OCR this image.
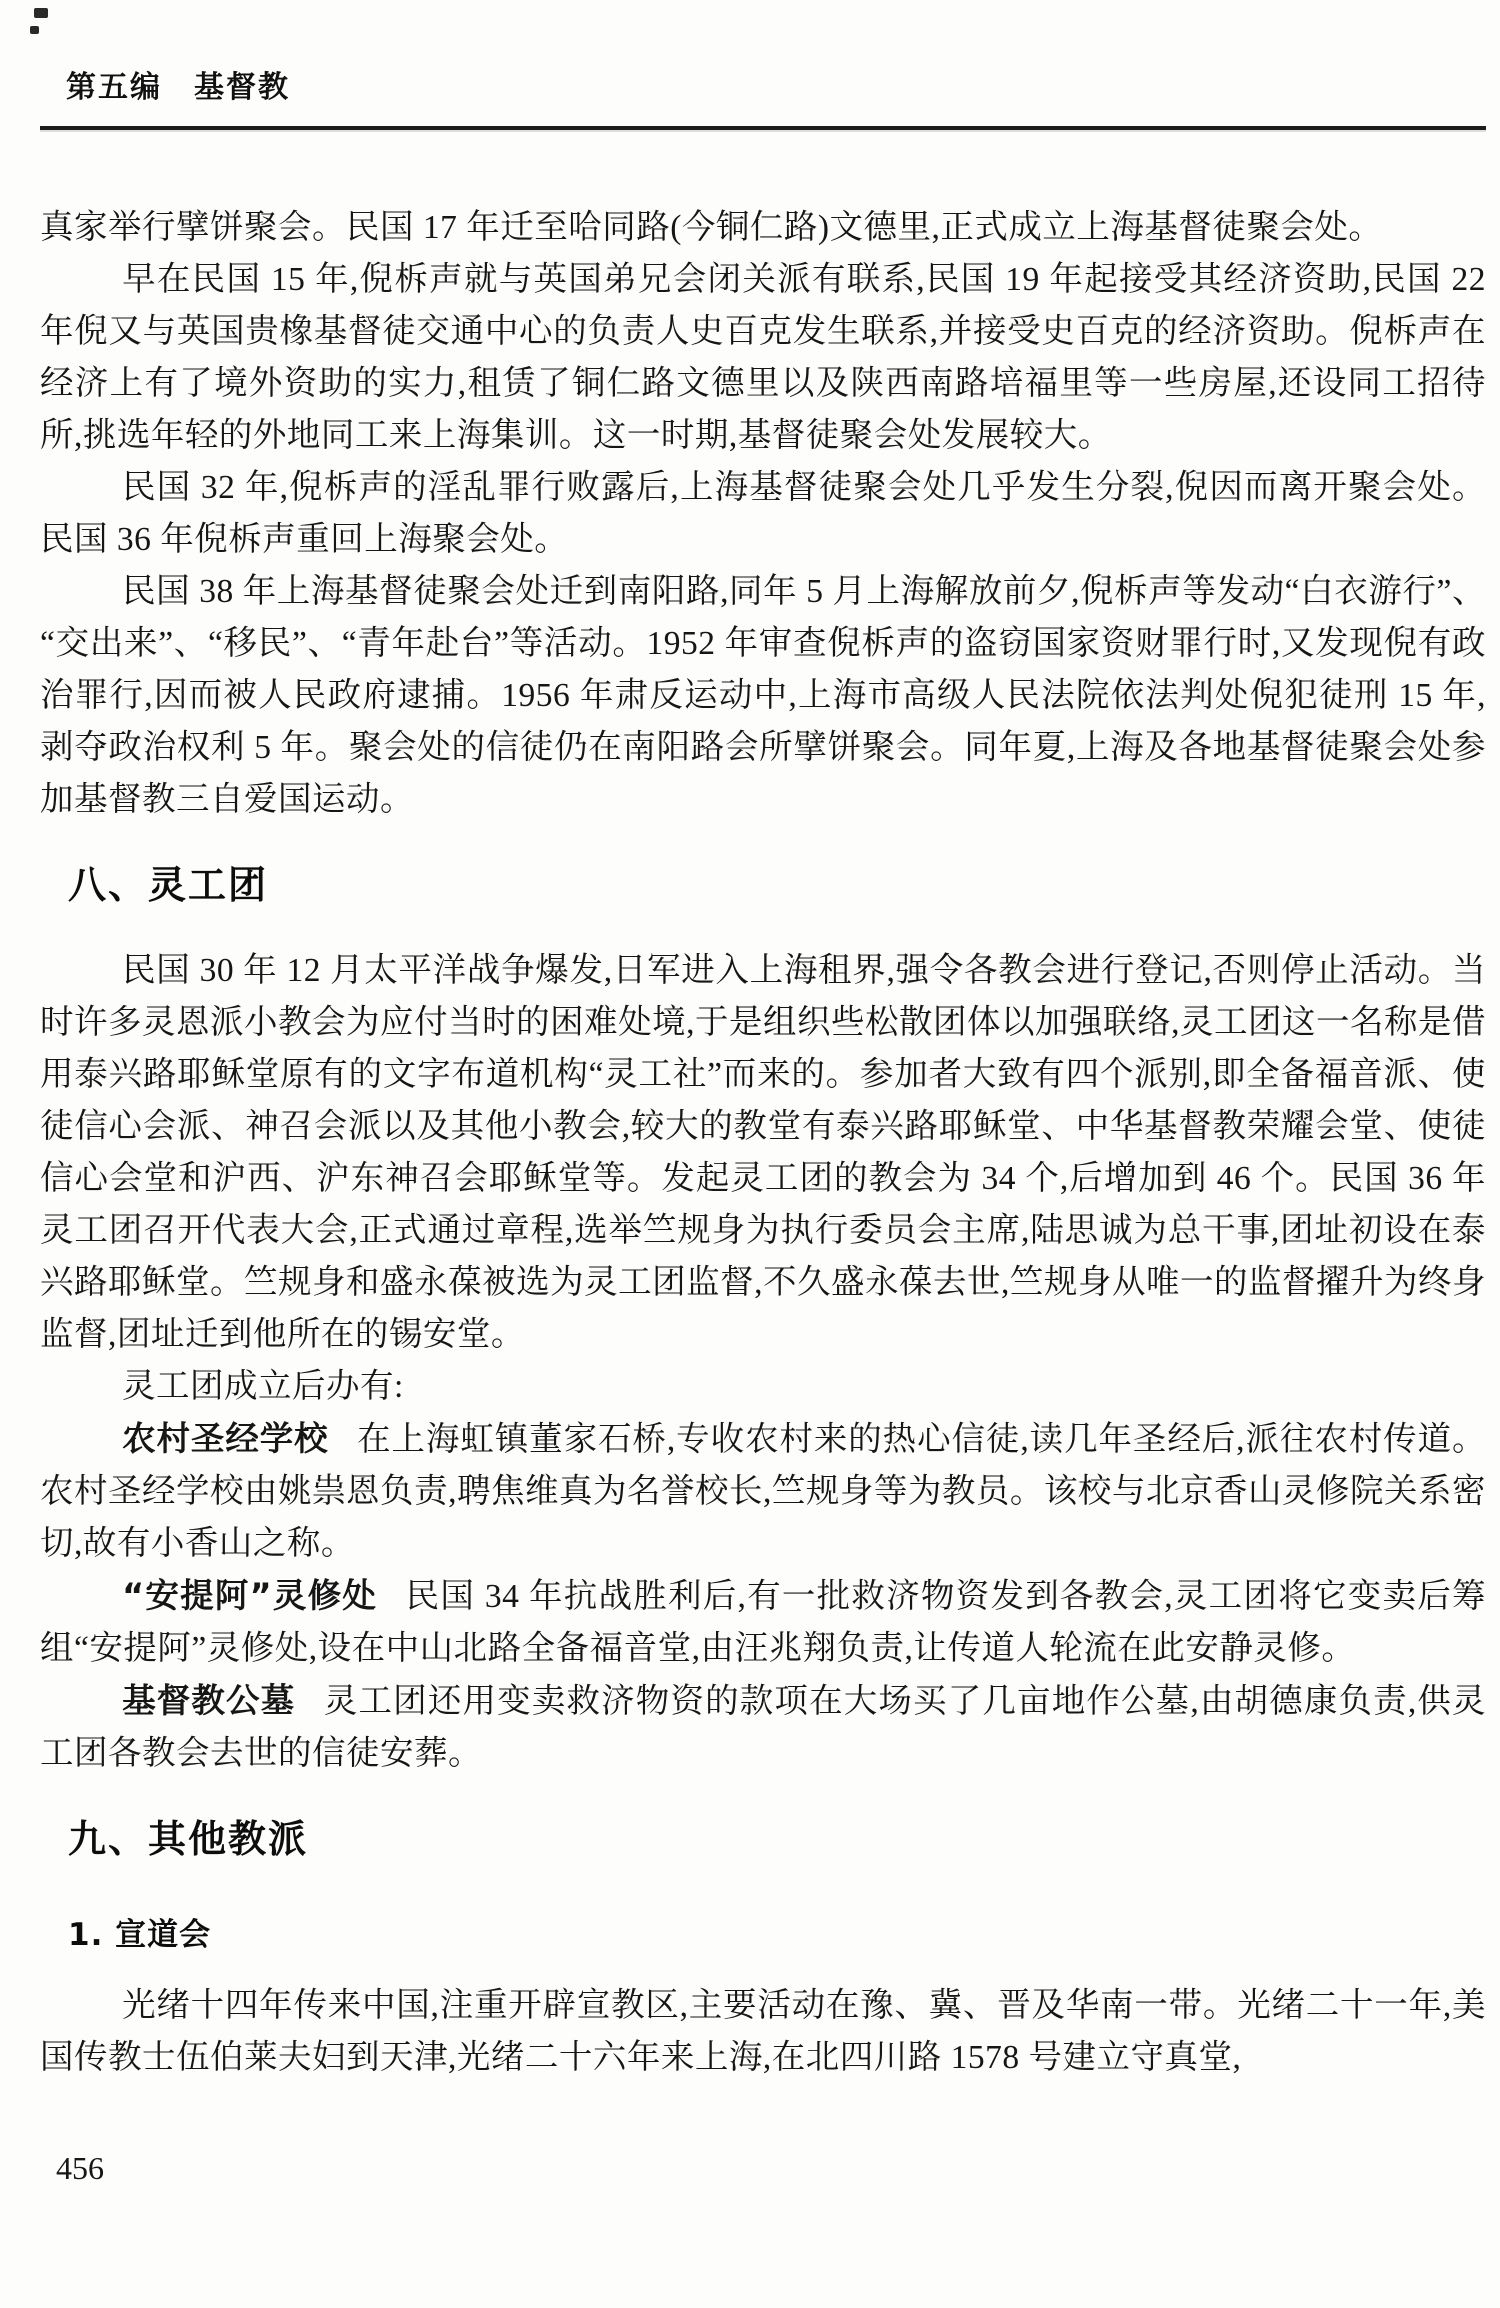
第五编　基督教

真家举行擘饼聚会。民国 17 年迁至哈同路(今铜仁路)文德里,正式成立上海基督徒聚会处。

早在民国 15 年,倪柝声就与英国弟兄会闭关派有联系,民国 19 年起接受其经济资助,民国 22 年倪又与英国贵橡基督徒交通中心的负责人史百克发生联系,并接受史百克的经济资助。倪柝声在经济上有了境外资助的实力,租赁了铜仁路文德里以及陕西南路培福里等一些房屋,还设同工招待所,挑选年轻的外地同工来上海集训。这一时期,基督徒聚会处发展较大。

民国 32 年,倪柝声的淫乱罪行败露后,上海基督徒聚会处几乎发生分裂,倪因而离开聚会处。民国 36 年倪柝声重回上海聚会处。

民国 38 年上海基督徒聚会处迁到南阳路,同年 5 月上海解放前夕,倪柝声等发动“白衣游行”、“交出来”、“移民”、“青年赴台”等活动。1952 年审查倪柝声的盗窃国家资财罪行时,又发现倪有政治罪行,因而被人民政府逮捕。1956 年肃反运动中,上海市高级人民法院依法判处倪犯徒刑 15 年,剥夺政治权利 5 年。聚会处的信徒仍在南阳路会所擘饼聚会。同年夏,上海及各地基督徒聚会处参加基督教三自爱国运动。

八、灵工团

民国 30 年 12 月太平洋战争爆发,日军进入上海租界,强令各教会进行登记,否则停止活动。当时许多灵恩派小教会为应付当时的困难处境,于是组织些松散团体以加强联络,灵工团这一名称是借用泰兴路耶稣堂原有的文字布道机构“灵工社”而来的。参加者大致有四个派别,即全备福音派、使徒信心会派、神召会派以及其他小教会,较大的教堂有泰兴路耶稣堂、中华基督教荣耀会堂、使徒信心会堂和沪西、沪东神召会耶稣堂等。发起灵工团的教会为 34 个,后增加到 46 个。民国 36 年灵工团召开代表大会,正式通过章程,选举竺规身为执行委员会主席,陆思诚为总干事,团址初设在泰兴路耶稣堂。竺规身和盛永葆被选为灵工团监督,不久盛永葆去世,竺规身从唯一的监督擢升为终身监督,团址迁到他所在的锡安堂。

灵工团成立后办有:

农村圣经学校 在上海虹镇董家石桥,专收农村来的热心信徒,读几年圣经后,派往农村传道。农村圣经学校由姚祟恩负责,聘焦维真为名誉校长,竺规身等为教员。该校与北京香山灵修院关系密切,故有小香山之称。

“安提阿”灵修处 民国 34 年抗战胜利后,有一批救济物资发到各教会,灵工团将它变卖后筹组“安提阿”灵修处,设在中山北路全备福音堂,由汪兆翔负责,让传道人轮流在此安静灵修。

基督教公墓 灵工团还用变卖救济物资的款项在大场买了几亩地作公墓,由胡德康负责,供灵工团各教会去世的信徒安葬。

九、其他教派
1. 宣道会

光绪十四年传来中国,注重开辟宣教区,主要活动在豫、冀、晋及华南一带。光绪二十一年,美国传教士伍伯莱夫妇到天津,光绪二十六年来上海,在北四川路 1578 号建立守真堂,

456
